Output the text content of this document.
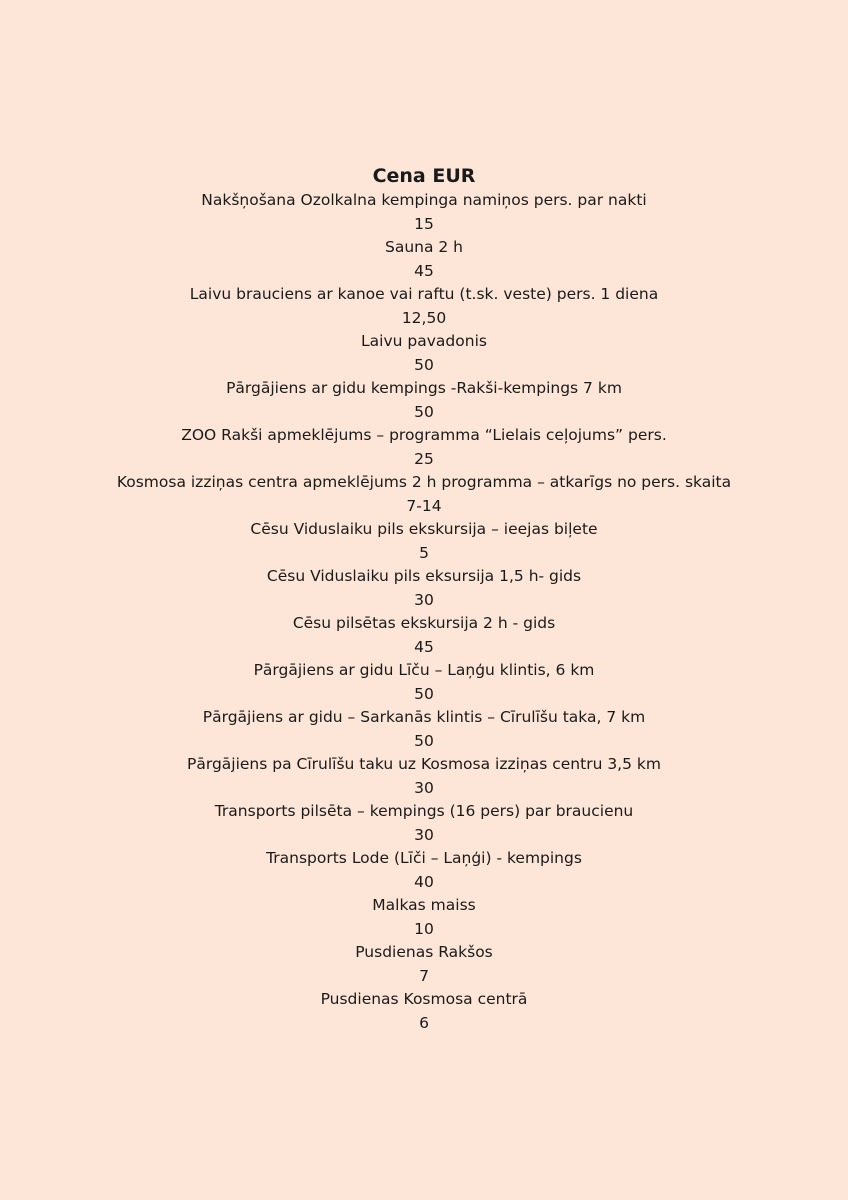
Cena EUR
Nakšņošana Ozolkalna kempinga namiņos pers. par nakti
15
Sauna 2 h
45
Laivu brauciens ar kanoe vai raftu (t.sk. veste) pers. 1 diena
12,50
Laivu pavadonis
50
Pārgājiens ar gidu kempings -Rakši-kempings 7 km
50
ZOO Rakši apmeklējums – programma “Lielais ceļojums” pers.
25
Kosmosa izziņas centra apmeklējums 2 h programma – atkarīgs no pers. skaita
7-14
Cēsu Viduslaiku pils ekskursija – ieejas biļete
5
Cēsu Viduslaiku pils eksursija 1,5 h- gids
30
Cēsu pilsētas ekskursija 2 h - gids
45
Pārgājiens ar gidu Līču – Laņģu klintis, 6 km
50
Pārgājiens ar gidu – Sarkanās klintis – Cīrulīšu taka, 7 km
50
Pārgājiens pa Cīrulīšu taku uz Kosmosa izziņas centru 3,5 km
30
Transports pilsēta – kempings (16 pers) par braucienu
30
Transports Lode (Līči – Laņģi) - kempings
40
Malkas maiss
10
Pusdienas Rakšos
7
Pusdienas Kosmosa centrā
6
